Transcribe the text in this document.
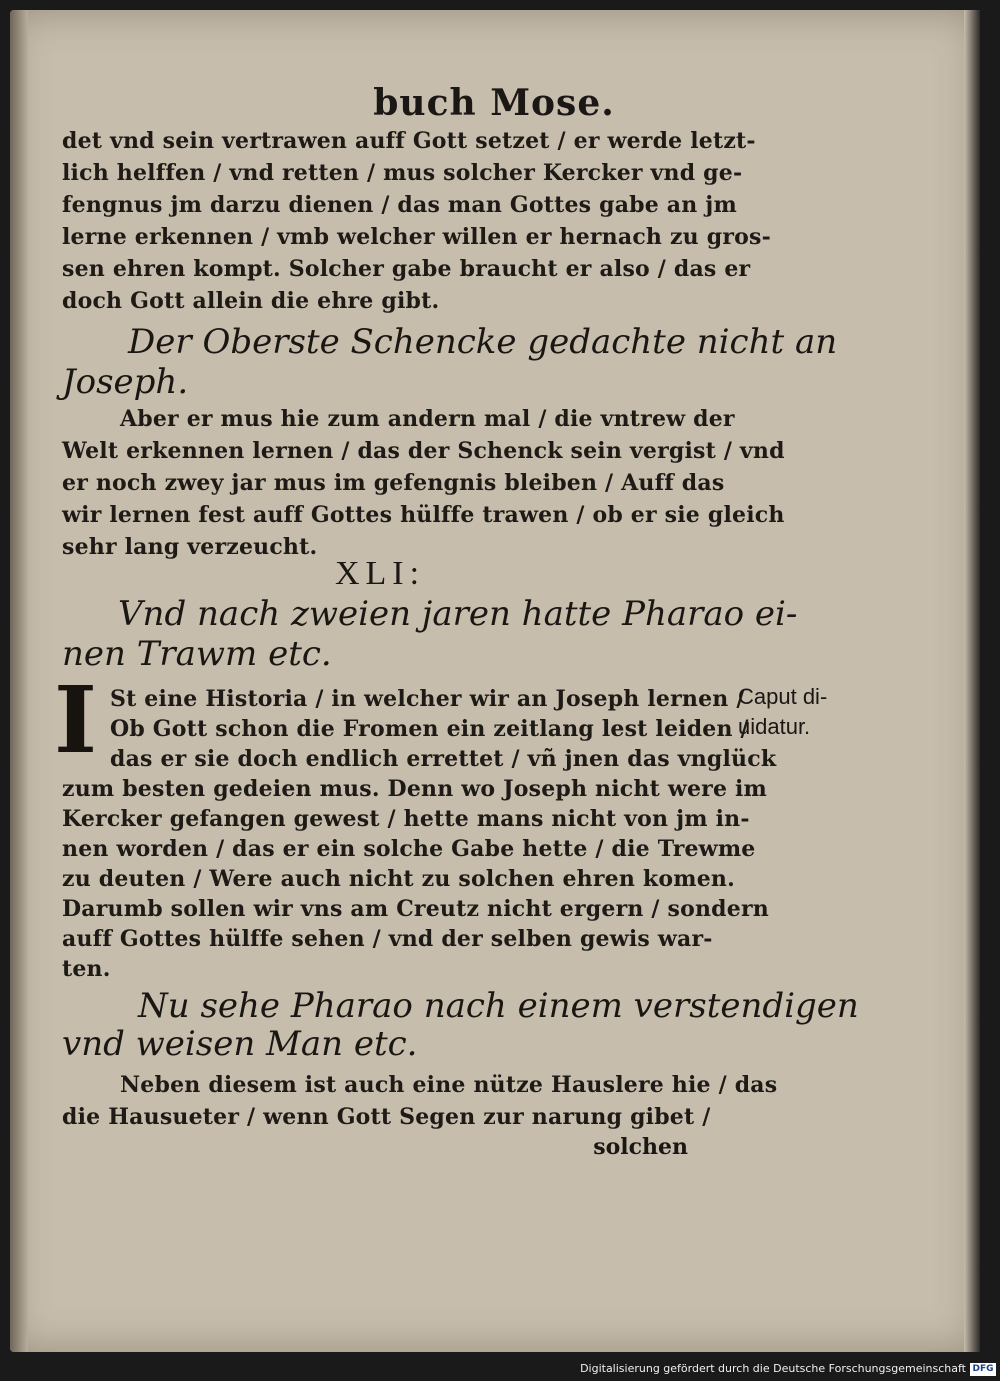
buch Mose.
det vnd sein vertrawen auff Gott setzet / er werde letzt-
lich helffen / vnd retten / mus solcher Kercker vnd ge-
fengnus jm darzu dienen / das man Gottes gabe an jm
lerne erkennen / vmb welcher willen er hernach zu gros-
sen ehren kompt. Solcher gabe braucht er also / das er
doch Gott allein die ehre gibt.
Der Oberste Schencke gedachte nicht an
Joseph.
Aber er mus hie zum andern mal / die vntrew der
Welt erkennen lernen / das der Schenck sein vergist / vnd
er noch zwey jar mus im gefengnis bleiben / Auff das
wir lernen fest auff Gottes hülffe trawen / ob er sie gleich
sehr lang verzeucht.
XLI:
Vnd nach zweien jaren hatte Pharao ei-
nen Trawm etc.
I St eine Historia / in welcher wir an Joseph lernen /
Ob Gott schon die Fromen ein zeitlang lest leiden /
das er sie doch endlich errettet / vñ jnen das vnglück
zum besten gedeien mus. Denn wo Joseph nicht were im
Kercker gefangen gewest / hette mans nicht von jm in-
nen worden / das er ein solche Gabe hette / die Trewme
zu deuten / Were auch nicht zu solchen ehren komen.
Darumb sollen wir vns am Creutz nicht ergern / sondern
auff Gottes hülffe sehen / vnd der selben gewis war-
ten.
Caput di-
uidatur.
Nu sehe Pharao nach einem verstendigen
vnd weisen Man etc.
Neben diesem ist auch eine nütze Hauslere hie / das
die Hausueter / wenn Gott Segen zur narung gibet /
solchen
Digitalisierung gefördert durch die Deutsche Forschungsgemeinschaft DFG
